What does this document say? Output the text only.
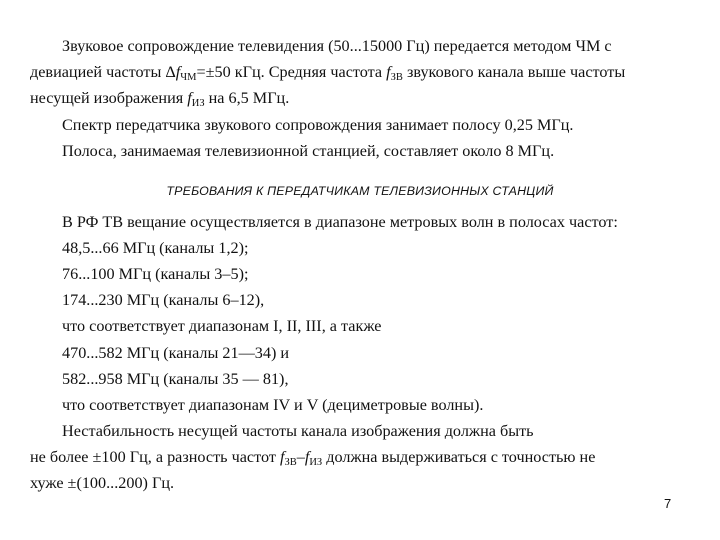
Звуковое сопровождение телевидения (50...15000 Гц) передается методом ЧМ с
девиацией частоты $\Delta f_{ЧМ}=\pm 50$ кГц. Средняя частота $f_{ЗВ}$ звукового канала выше частоты
несущей изображения $f_{ИЗ}$ на 6,5 МГц.
Спектр передатчика звукового сопровождения занимает полосу 0,25 МГц.
Полоса, занимаемая телевизионной станцией, составляет около 8 МГц.
ТРЕБОВАНИЯ К ПЕРЕДАТЧИКАМ ТЕЛЕВИЗИОННЫХ СТАНЦИЙ
В РФ ТВ вещание осуществляется в диапазоне метровых волн в полосах частот:
48,5...66 МГц (каналы 1,2);
76...100 МГц (каналы 3–5);
174...230 МГц (каналы 6–12),
что соответствует диапазонам I, II, III, а также
470...582 МГц (каналы 21—34) и
582...958 МГц (каналы 35 — 81),
что соответствует диапазонам IV и V (дециметровые волны).
Нестабильность несущей частоты канала изображения должна быть
не более ±100 Гц, а разность частот $f_{ЗВ}-f_{ИЗ}$ должна выдерживаться с точностью не
хуже ±(100...200) Гц.
7
